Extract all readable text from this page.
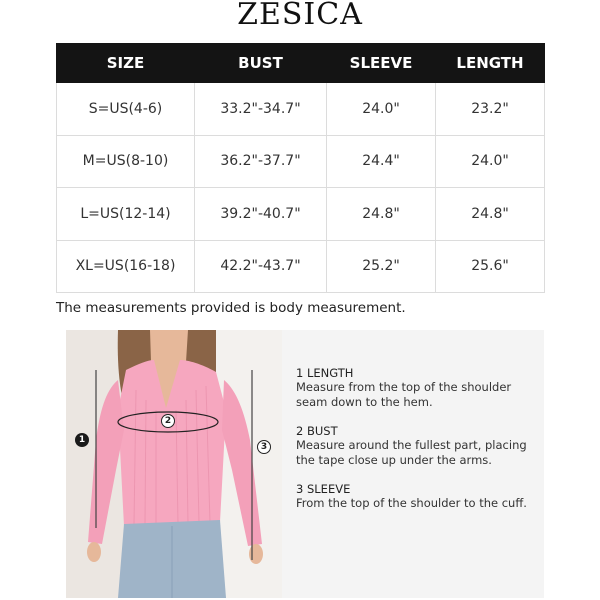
ZESICA
SIZE	BUST	SLEEVE	LENGTH
S=US(4-6)	33.2"-34.7"	24.0"	23.2"
M=US(8-10)	36.2"-37.7"	24.4"	24.0"
L=US(12-14)	39.2"-40.7"	24.8"	24.8"
XL=US(16-18)	42.2"-43.7"	25.2"	25.6"
The measurements provided is body measurement.
1
2
3
1 LENGTH
Measure from the top of the shoulder seam down to the hem.
2 BUST
Measure around the fullest part, placing the tape close up under the arms.
3 SLEEVE
From the top of the shoulder to the cuff.
